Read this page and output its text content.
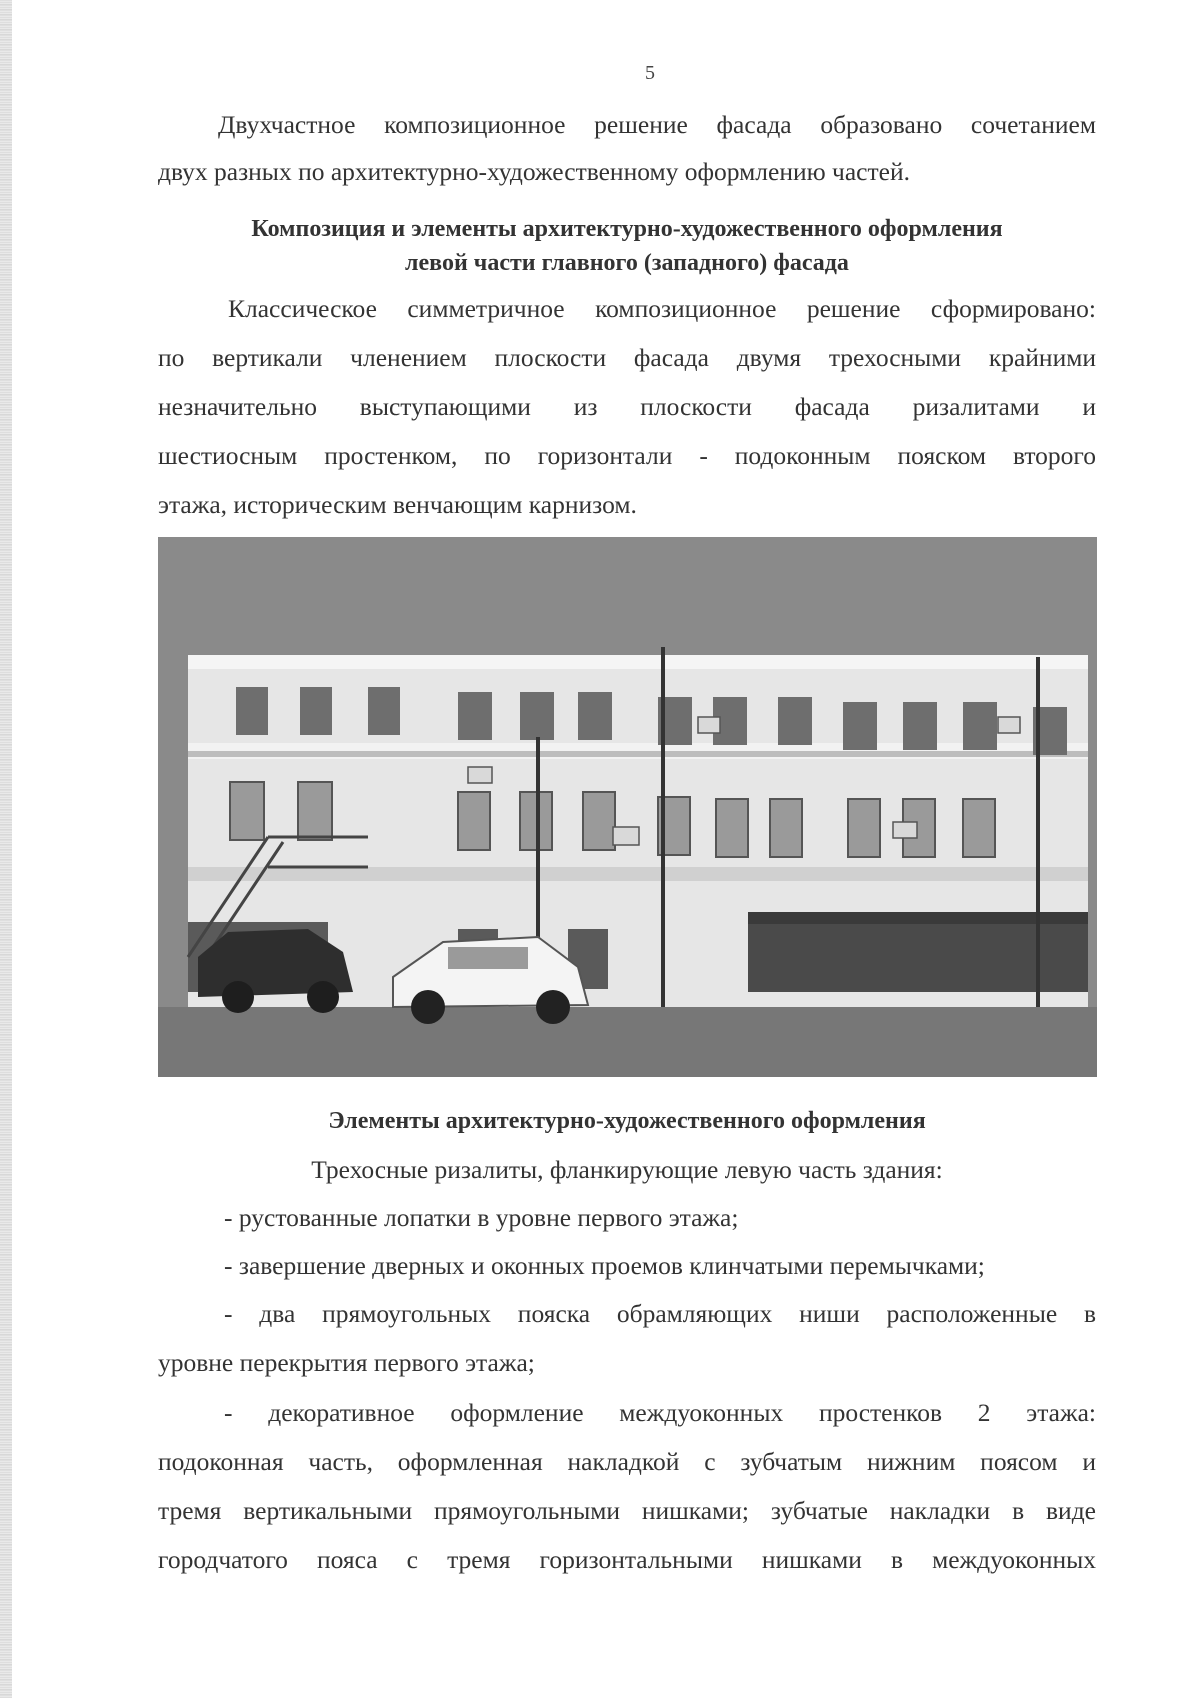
5

Двухчастное композиционное решение фасада образовано сочетанием

двух разных по архитектурно-художественному оформлению частей.

Композиция и элементы архитектурно-художественного оформления

левой части главного (западного) фасада

Классическое симметричное композиционное решение сформировано:

по вертикали членением плоскости фасада двумя трехосными крайними

незначительно выступающими из плоскости фасада ризалитами и

шестиосным простенком, по горизонтали - подоконным пояском второго

этажа, историческим венчающим карнизом.

Элементы архитектурно-художественного оформления

Трехосные ризалиты, фланкирующие левую часть здания:

- рустованные лопатки в уровне первого этажа;

- завершение дверных и оконных проемов клинчатыми перемычками;

- два прямоугольных пояска обрамляющих ниши расположенные в

уровне перекрытия первого этажа;

- декоративное оформление междуоконных простенков 2 этажа:

подоконная часть, оформленная накладкой с зубчатым нижним поясом и

тремя вертикальными прямоугольными нишками; зубчатые накладки в виде

городчатого пояса с тремя горизонтальными нишками в междуоконных
